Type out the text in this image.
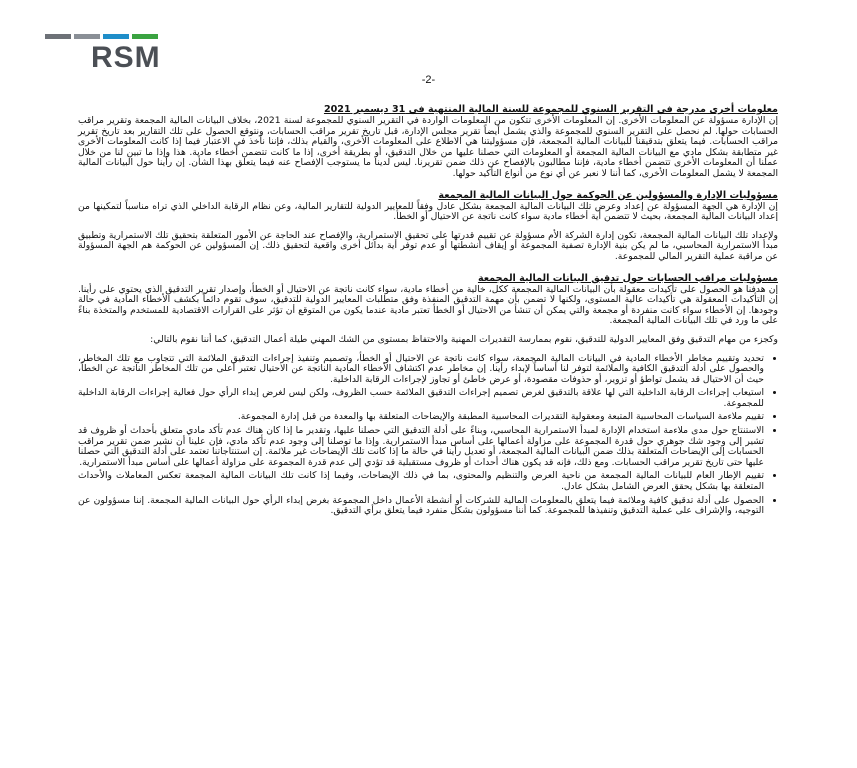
RSM
-2-
معلومات أخرى مدرجة في التقرير السنوي للمجموعة للسنة المالية المنتهية في 31 ديسمبر 2021

إن الإدارة مسؤولة عن المعلومات الأخرى. إن المعلومات الأخرى تتكون من المعلومات الواردة في التقرير السنوي للمجموعة لسنة 2021، بخلاف البيانات المالية المجمعة وتقرير مراقب الحسابات حولها. لم نحصل على التقرير السنوي للمجموعة والذي يشمل أيضاً تقرير مجلس الإدارة، قبل تاريخ تقرير مراقب الحسابات، ونتوقع الحصول على تلك التقارير بعد تاريخ تقرير مراقب الحسابات. فيما يتعلق بتدقيقنا للبيانات المالية المجمعة، فإن مسؤوليتنا هي الاطلاع على المعلومات الأخرى، والقيام بذلك، فإننا نأخذ في الاعتبار فيما إذا كانت المعلومات الأخرى غير متطابقة بشكل مادي مع البيانات المالية المجمعة أو المعلومات التي حصلنا عليها من خلال التدقيق، أو بطريقة أخرى، إذا ما كانت تتضمن أخطاء مادية. هذا وإذا ما تبين لنا من خلال عملنا أن المعلومات الأخرى تتضمن أخطاء مادية، فإننا مطالبون بالإفصاح عن ذلك ضمن تقريرنا. ليس لدينا ما يستوجب الإفصاح عنه فيما يتعلق بهذا الشأن. إن رأينا حول البيانات المالية المجمعة لا يشمل المعلومات الأخرى، كما أننا لا نعبر عن أي نوع من أنواع التأكيد حولها.

مسؤوليات الإدارة والمسؤولين عن الحوكمة حول البيانات المالية المجمعة

إن الإدارة هي الجهة المسؤولة عن إعداد وعرض تلك البيانات المالية المجمعة بشكل عادل وفقاً للمعايير الدولية للتقارير المالية، وعن نظام الرقابة الداخلي الذي تراه مناسباً لتمكينها من إعداد البيانات المالية المجمعة، بحيث لا تتضمن أية أخطاء مادية سواء كانت ناتجة عن الاحتيال أو الخطأ.

ولإعداد تلك البيانات المالية المجمعة، تكون إدارة الشركة الأم مسؤولة عن تقييم قدرتها على تحقيق الاستمرارية، والإفصاح عند الحاجة عن الأمور المتعلقة بتحقيق تلك الاستمرارية وتطبيق مبدأ الاستمرارية المحاسبي، ما لم يكن بنية الإدارة تصفية المجموعة أو إيقاف أنشطتها أو عدم توفر أية بدائل أخرى واقعية لتحقيق ذلك. إن المسؤولين عن الحوكمة هم الجهة المسؤولة عن مراقبة عملية التقرير المالي للمجموعة.

مسؤوليات مراقب الحسابات حول تدقيق البيانات المالية المجمعة

إن هدفنا هو الحصول على تأكيدات معقولة بأن البيانات المالية المجمعة ككل، خالية من أخطاء مادية، سواء كانت ناتجة عن الاحتيال أو الخطأ، وإصدار تقرير التدقيق الذي يحتوي على رأينا. إن التأكيدات المعقولة هي تأكيدات عالية المستوى، ولكنها لا تضمن بأن مهمة التدقيق المنفذة وفق متطلبات المعايير الدولية للتدقيق، سوف تقوم دائماً بكشف الأخطاء المادية في حالة وجودها. إن الأخطاء سواء كانت منفردة أو مجمعة والتي يمكن أن تنشأ من الاحتيال أو الخطأ تعتبر مادية عندما يكون من المتوقع أن تؤثر على القرارات الاقتصادية للمستخدم والمتخذة بناءً على ما ورد في تلك البيانات المالية المجمعة.

وكجزء من مهام التدقيق وفق المعايير الدولية للتدقيق، نقوم بممارسة التقديرات المهنية والاحتفاظ بمستوى من الشك المهني طيلة أعمال التدقيق، كما أننا نقوم بالتالي:

• تحديد وتقييم مخاطر الأخطاء المادية في البيانات المالية المجمعة، سواء كانت ناتجة عن الاحتيال أو الخطأ، وتصميم وتنفيذ إجراءات التدقيق الملائمة التي تتجاوب مع تلك المخاطر، والحصول على أدلة التدقيق الكافية والملائمة لتوفر لنا أساساً لإبداء رأينا. إن مخاطر عدم اكتشاف الأخطاء المادية الناتجة عن الاحتيال تعتبر أعلى من تلك المخاطر الناتجة عن الخطأ، حيث أن الاحتيال قد يشمل تواطؤ أو تزوير، أو حذوفات مقصودة، أو عرض خاطئ أو تجاوز لإجراءات الرقابة الداخلية.
• استيعاب إجراءات الرقابة الداخلية التي لها علاقة بالتدقيق لغرض تصميم إجراءات التدقيق الملائمة حسب الظروف، ولكن ليس لغرض إبداء الرأي حول فعالية إجراءات الرقابة الداخلية للمجموعة.
• تقييم ملاءمة السياسات المحاسبية المتبعة ومعقولية التقديرات المحاسبية المطبقة والإيضاحات المتعلقة بها والمعدة من قبل إدارة المجموعة.
• الاستنتاج حول مدى ملاءمة استخدام الإدارة لمبدأ الاستمرارية المحاسبي، وبناءً على أدلة التدقيق التي حصلنا عليها، وتقدير ما إذا كان هناك عدم تأكد مادي متعلق بأحداث أو ظروف قد تشير إلى وجود شك جوهري حول قدرة المجموعة على مزاولة أعمالها على أساس مبدأ الاستمرارية. وإذا ما توصلنا إلى وجود عدم تأكد مادي، فإن علينا أن نشير ضمن تقرير مراقب الحسابات إلى الإيضاحات المتعلقة بذلك ضمن البيانات المالية المجمعة، أو تعديل رأينا في حالة ما إذا كانت تلك الإيضاحات غير ملائمة. إن استنتاجاتنا تعتمد على أدلة التدقيق التي حصلنا عليها حتى تاريخ تقرير مراقب الحسابات. ومع ذلك، فإنه قد يكون هناك أحداث أو ظروف مستقبلية قد تؤدي إلى عدم قدرة المجموعة على مزاولة أعمالها على أساس مبدأ الاستمرارية.
• تقييم الإطار العام للبيانات المالية المجمعة من ناحية العرض والتنظيم والمحتوى، بما في ذلك الإيضاحات، وفيما إذا كانت تلك البيانات المالية المجمعة تعكس المعاملات والأحداث المتعلقة بها بشكل يحقق العرض الشامل بشكل عادل.
• الحصول على أدلة تدقيق كافية وملائمة فيما يتعلق بالمعلومات المالية للشركات أو أنشطة الأعمال داخل المجموعة بغرض إبداء الرأي حول البيانات المالية المجمعة. إننا مسؤولون عن التوجيه، والإشراف على عملية التدقيق وتنفيذها للمجموعة. كما أننا مسؤولون بشكل منفرد فيما يتعلق برأي التدقيق.
